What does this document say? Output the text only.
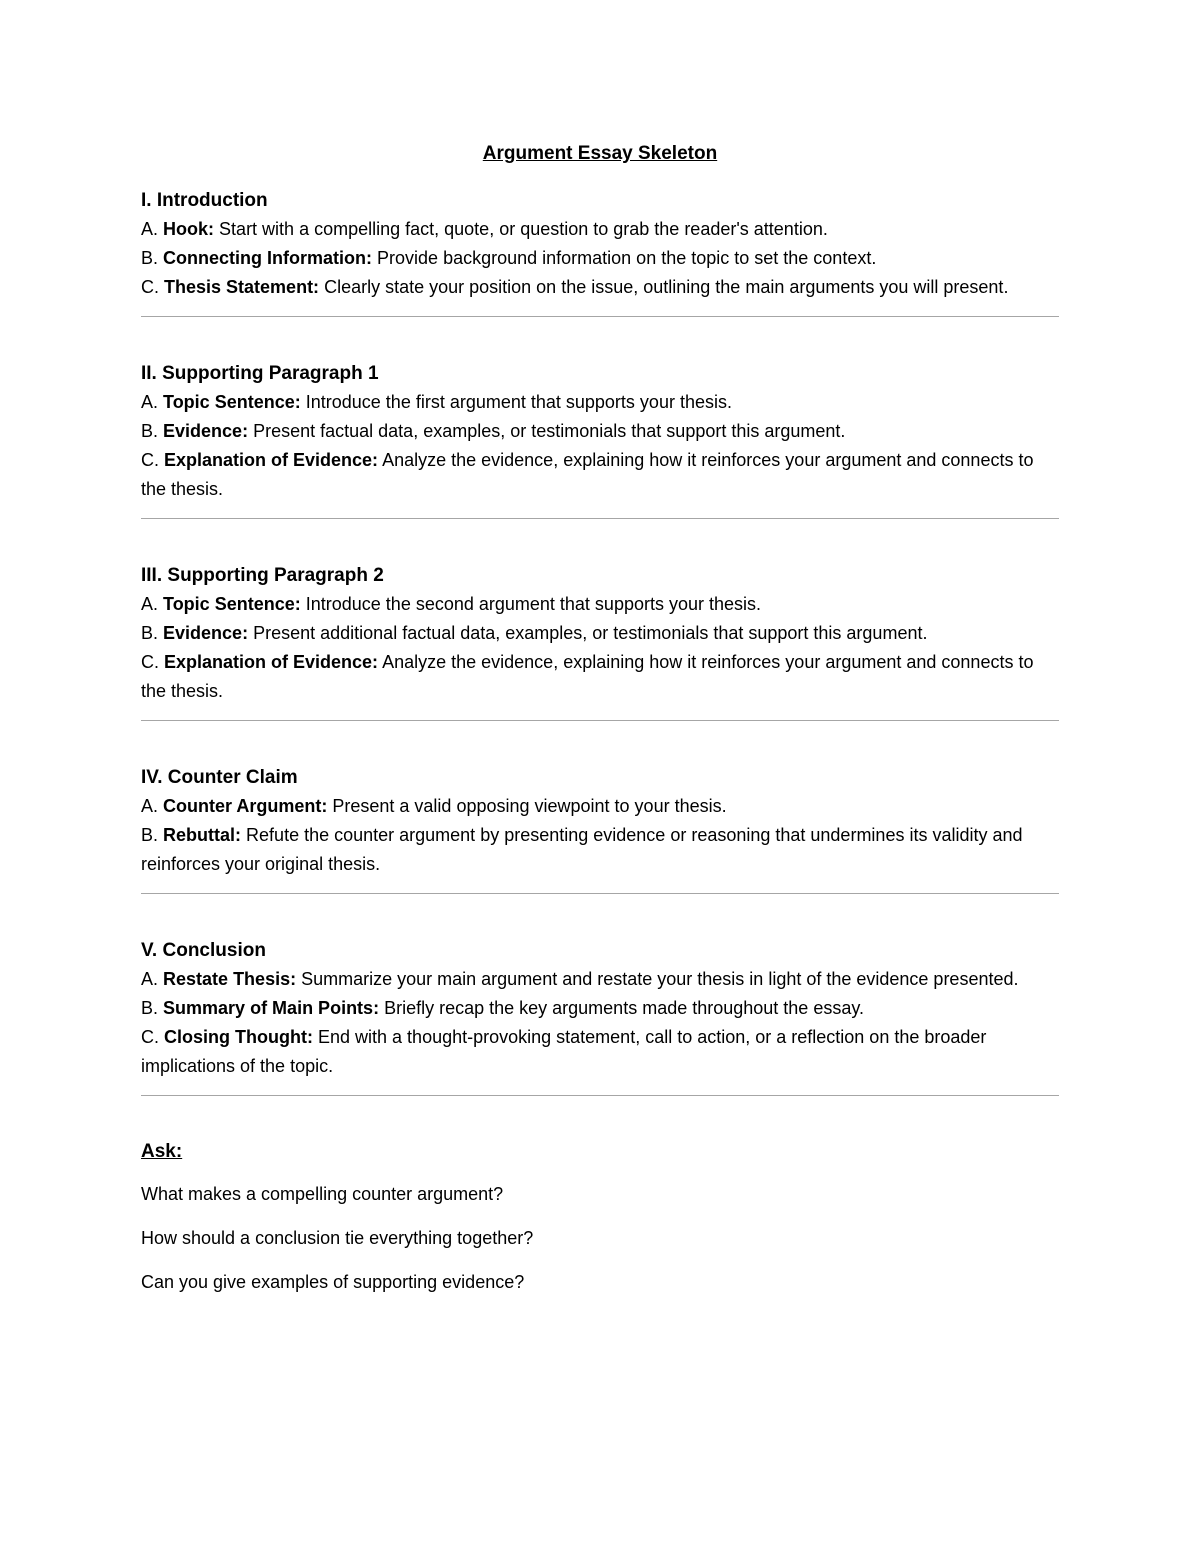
Argument Essay Skeleton
I. Introduction
A. Hook: Start with a compelling fact, quote, or question to grab the reader's attention.
B. Connecting Information: Provide background information on the topic to set the context.
C. Thesis Statement: Clearly state your position on the issue, outlining the main arguments you will present.
II. Supporting Paragraph 1
A. Topic Sentence: Introduce the first argument that supports your thesis.
B. Evidence: Present factual data, examples, or testimonials that support this argument.
C. Explanation of Evidence: Analyze the evidence, explaining how it reinforces your argument and connects to the thesis.
III. Supporting Paragraph 2
A. Topic Sentence: Introduce the second argument that supports your thesis.
B. Evidence: Present additional factual data, examples, or testimonials that support this argument.
C. Explanation of Evidence: Analyze the evidence, explaining how it reinforces your argument and connects to the thesis.
IV. Counter Claim
A. Counter Argument: Present a valid opposing viewpoint to your thesis.
B. Rebuttal: Refute the counter argument by presenting evidence or reasoning that undermines its validity and reinforces your original thesis.
V. Conclusion
A. Restate Thesis: Summarize your main argument and restate your thesis in light of the evidence presented.
B. Summary of Main Points: Briefly recap the key arguments made throughout the essay.
C. Closing Thought: End with a thought-provoking statement, call to action, or a reflection on the broader implications of the topic.
Ask:
What makes a compelling counter argument?
How should a conclusion tie everything together?
Can you give examples of supporting evidence?
